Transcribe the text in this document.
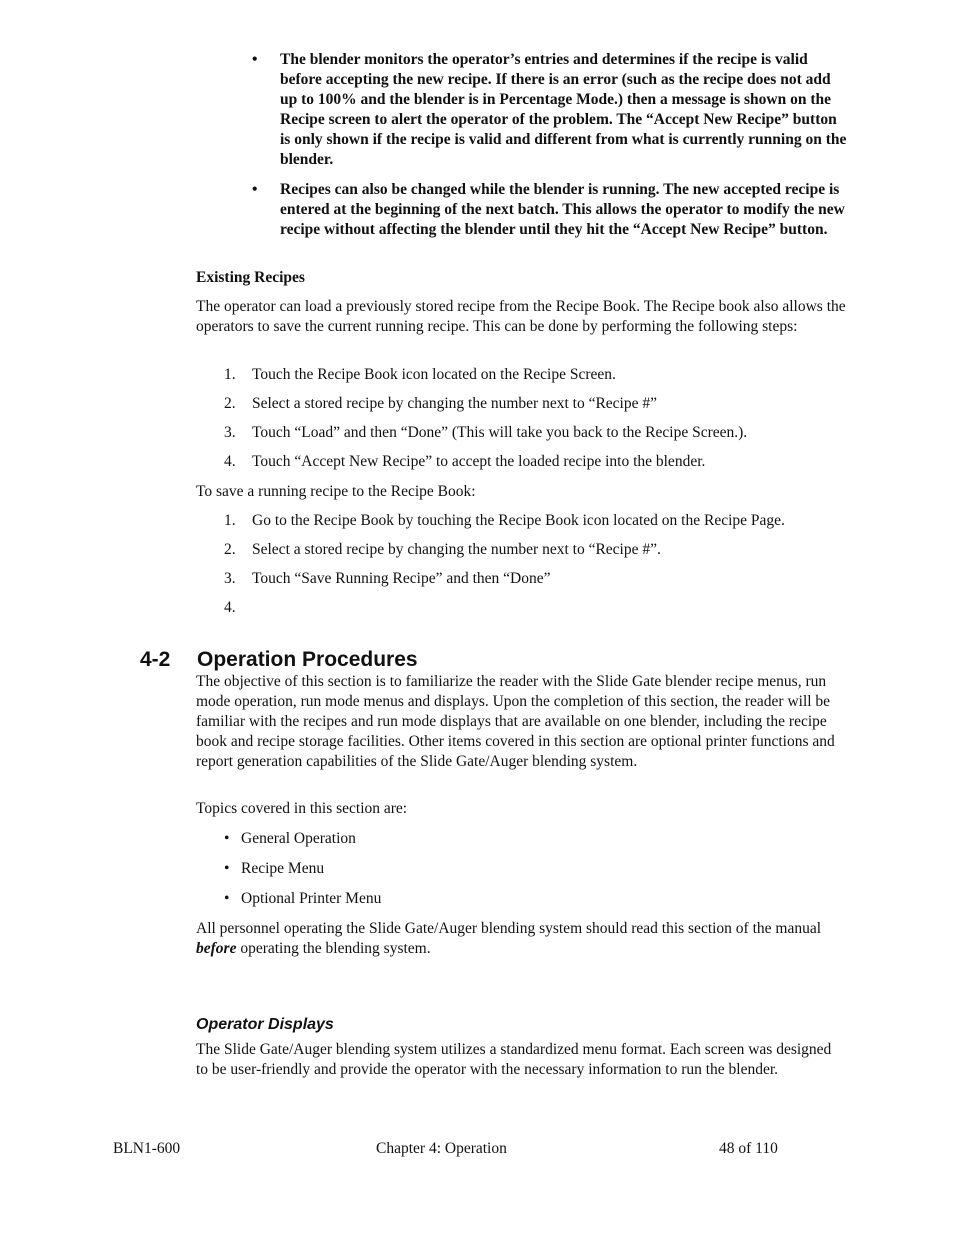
• The blender monitors the operator’s entries and determines if the recipe is valid before accepting the new recipe. If there is an error (such as the recipe does not add up to 100% and the blender is in Percentage Mode.) then a message is shown on the Recipe screen to alert the operator of the problem. The “Accept New Recipe” button is only shown if the recipe is valid and different from what is currently running on the blender.
• Recipes can also be changed while the blender is running. The new accepted recipe is entered at the beginning of the next batch. This allows the operator to modify the new recipe without affecting the blender until they hit the “Accept New Recipe” button.
Existing Recipes
The operator can load a previously stored recipe from the Recipe Book. The Recipe book also allows the operators to save the current running recipe. This can be done by performing the following steps:
1. Touch the Recipe Book icon located on the Recipe Screen.
2. Select a stored recipe by changing the number next to “Recipe #”
3. Touch “Load” and then “Done” (This will take you back to the Recipe Screen.).
4. Touch “Accept New Recipe” to accept the loaded recipe into the blender.
To save a running recipe to the Recipe Book:
1. Go to the Recipe Book by touching the Recipe Book icon located on the Recipe Page.
2. Select a stored recipe by changing the number next to “Recipe #”.
3. Touch “Save Running Recipe” and then “Done”
4.

4-2 Operation Procedures
The objective of this section is to familiarize the reader with the Slide Gate blender recipe menus, run mode operation, run mode menus and displays. Upon the completion of this section, the reader will be familiar with the recipes and run mode displays that are available on one blender, including the recipe book and recipe storage facilities. Other items covered in this section are optional printer functions and report generation capabilities of the Slide Gate/Auger blending system.
Topics covered in this section are:
• General Operation
• Recipe Menu
• Optional Printer Menu
All personnel operating the Slide Gate/Auger blending system should read this section of the manual before operating the blending system.
Operator Displays
The Slide Gate/Auger blending system utilizes a standardized menu format. Each screen was designed to be user-friendly and provide the operator with the necessary information to run the blender.
BLN1-600	Chapter 4: Operation	48 of 110
